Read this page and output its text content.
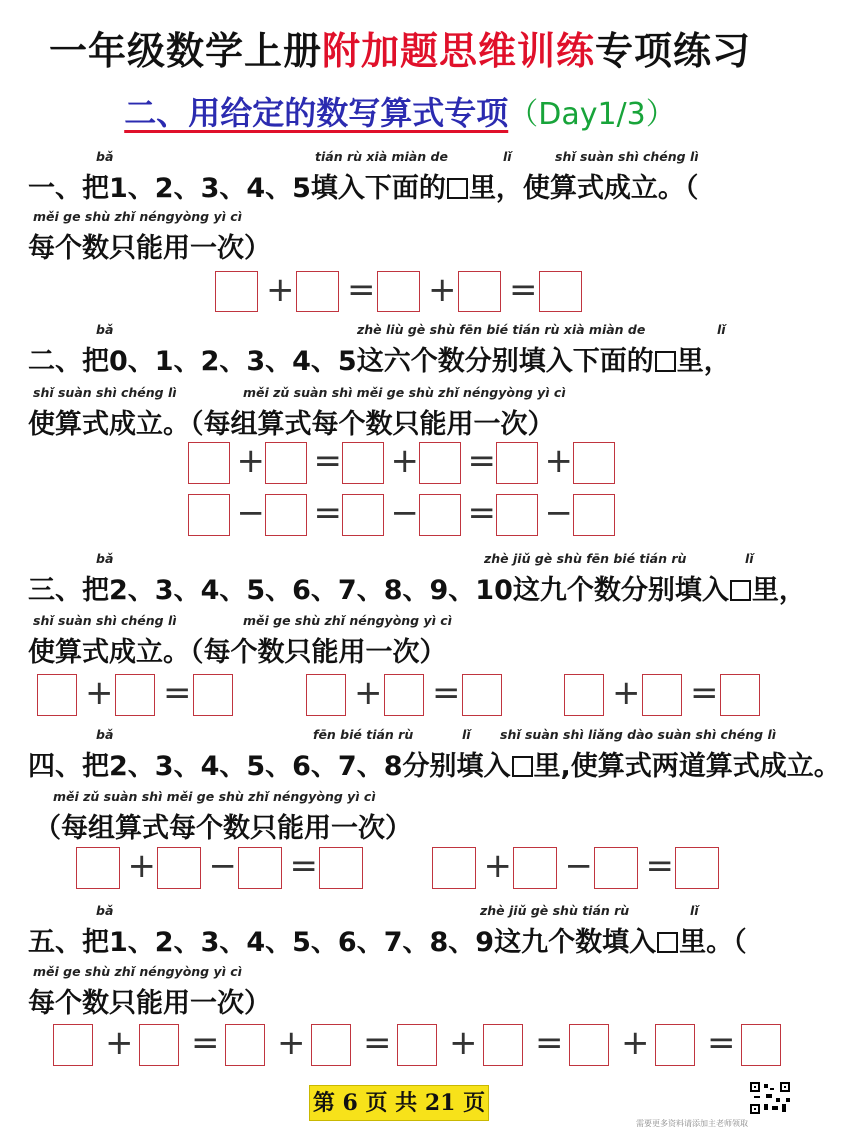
一年级数学上册附加题思维训练专项练习
二、用给定的数写算式专项（Day1/3）
bǎ	tián rù xià miàn de	lǐ	shǐ suàn shì chéng lì
一、把1、2、3、4、5填入下面的 里，使算式成立。（
měi ge shù zhǐ néngyòng yì cì
每个数只能用一次）
+ = + =
bǎ	zhè liù gè shù fēn bié tián rù xià miàn de	lǐ
二、把0、1、2、3、4、5这六个数分别填入下面的 里，
shǐ suàn shì chéng lì	měi zǔ suàn shì měi ge shù zhǐ néngyòng yì cì
使算式成立。（每组算式每个数只能用一次）
+ = + = +
− = − = −
bǎ	zhè jiǔ gè shù fēn bié tián rù	lǐ
三、把2、3、4、5、6、7、8、9、10这九个数分别填入 里，
shǐ suàn shì chéng lì	měi ge shù zhǐ néngyòng yì cì
使算式成立。（每个数只能用一次）
+ =	+ =	+ =
bǎ	fēn bié tián rù	lǐ shǐ suàn shì liǎng dào suàn shì chéng lì
四、把2、3、4、5、6、7、8分别填入 里,使算式两道算式成立。
měi zǔ suàn shì měi ge shù zhǐ néngyòng yì cì
（每组算式每个数只能用一次）
+ − =	+ − =
bǎ	zhè jiǔ gè shù tián rù	lǐ
五、把1、2、3、4、5、6、7、8、9这九个数填入 里。（
měi ge shù zhǐ néngyòng yì cì
每个数只能用一次）
+ = + = + = + =
第 6 页 共 21 页
需要更多资料请添加主老师领取
